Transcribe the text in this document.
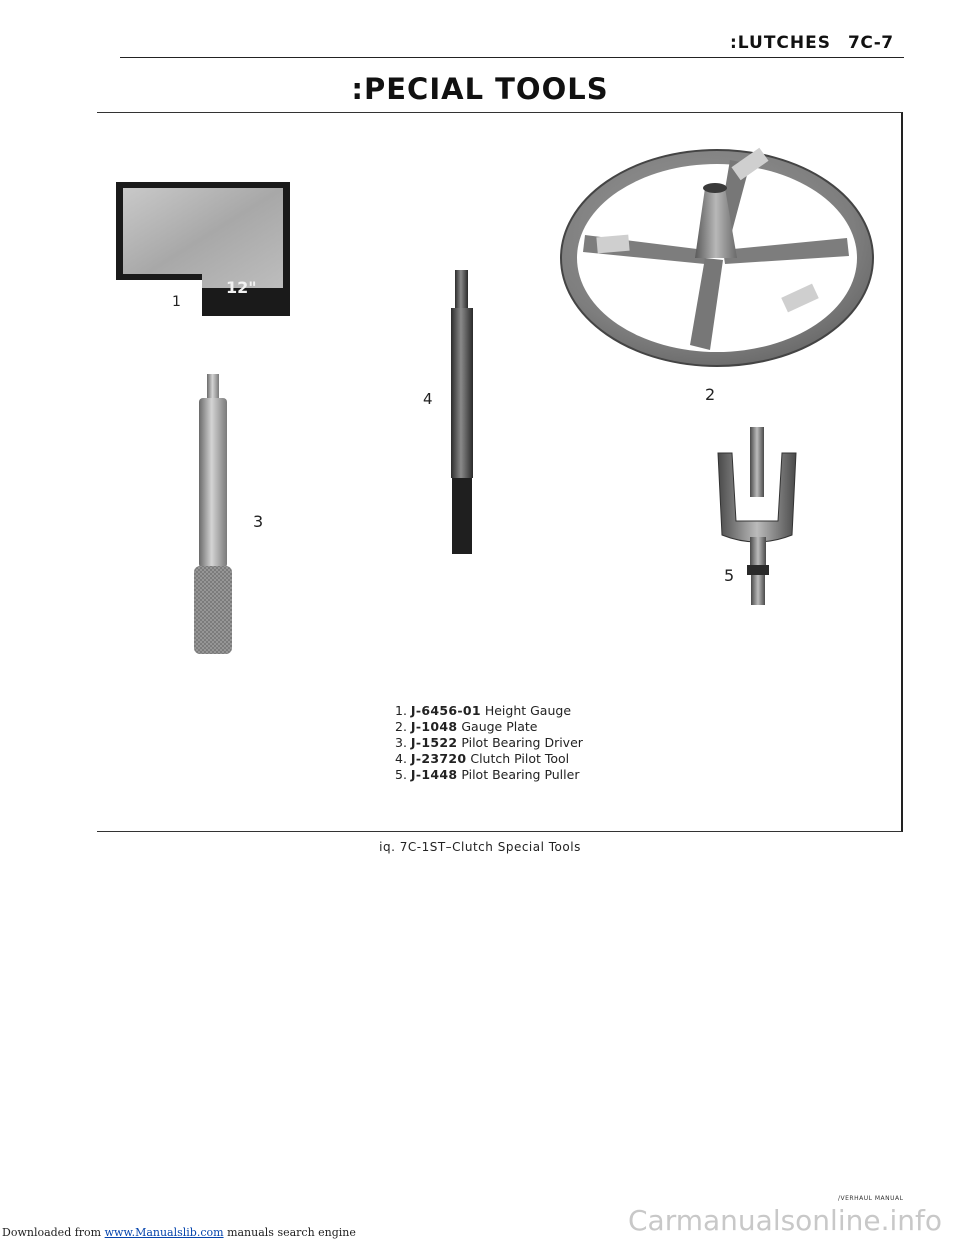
:LUTCHES 7C-7
:PECIAL TOOLS
12"
1
2
4
3
5
1. J-6456-01 Height Gauge
2. J-1048 Gauge Plate
3. J-1522 Pilot Bearing Driver
4. J-23720 Clutch Pilot Tool
5. J-1448 Pilot Bearing Puller
iq. 7C-1ST–Clutch Special Tools
Carmanualsonline.info
/VERHAUL MANUAL
Downloaded from www.Manualslib.com manuals search engine
